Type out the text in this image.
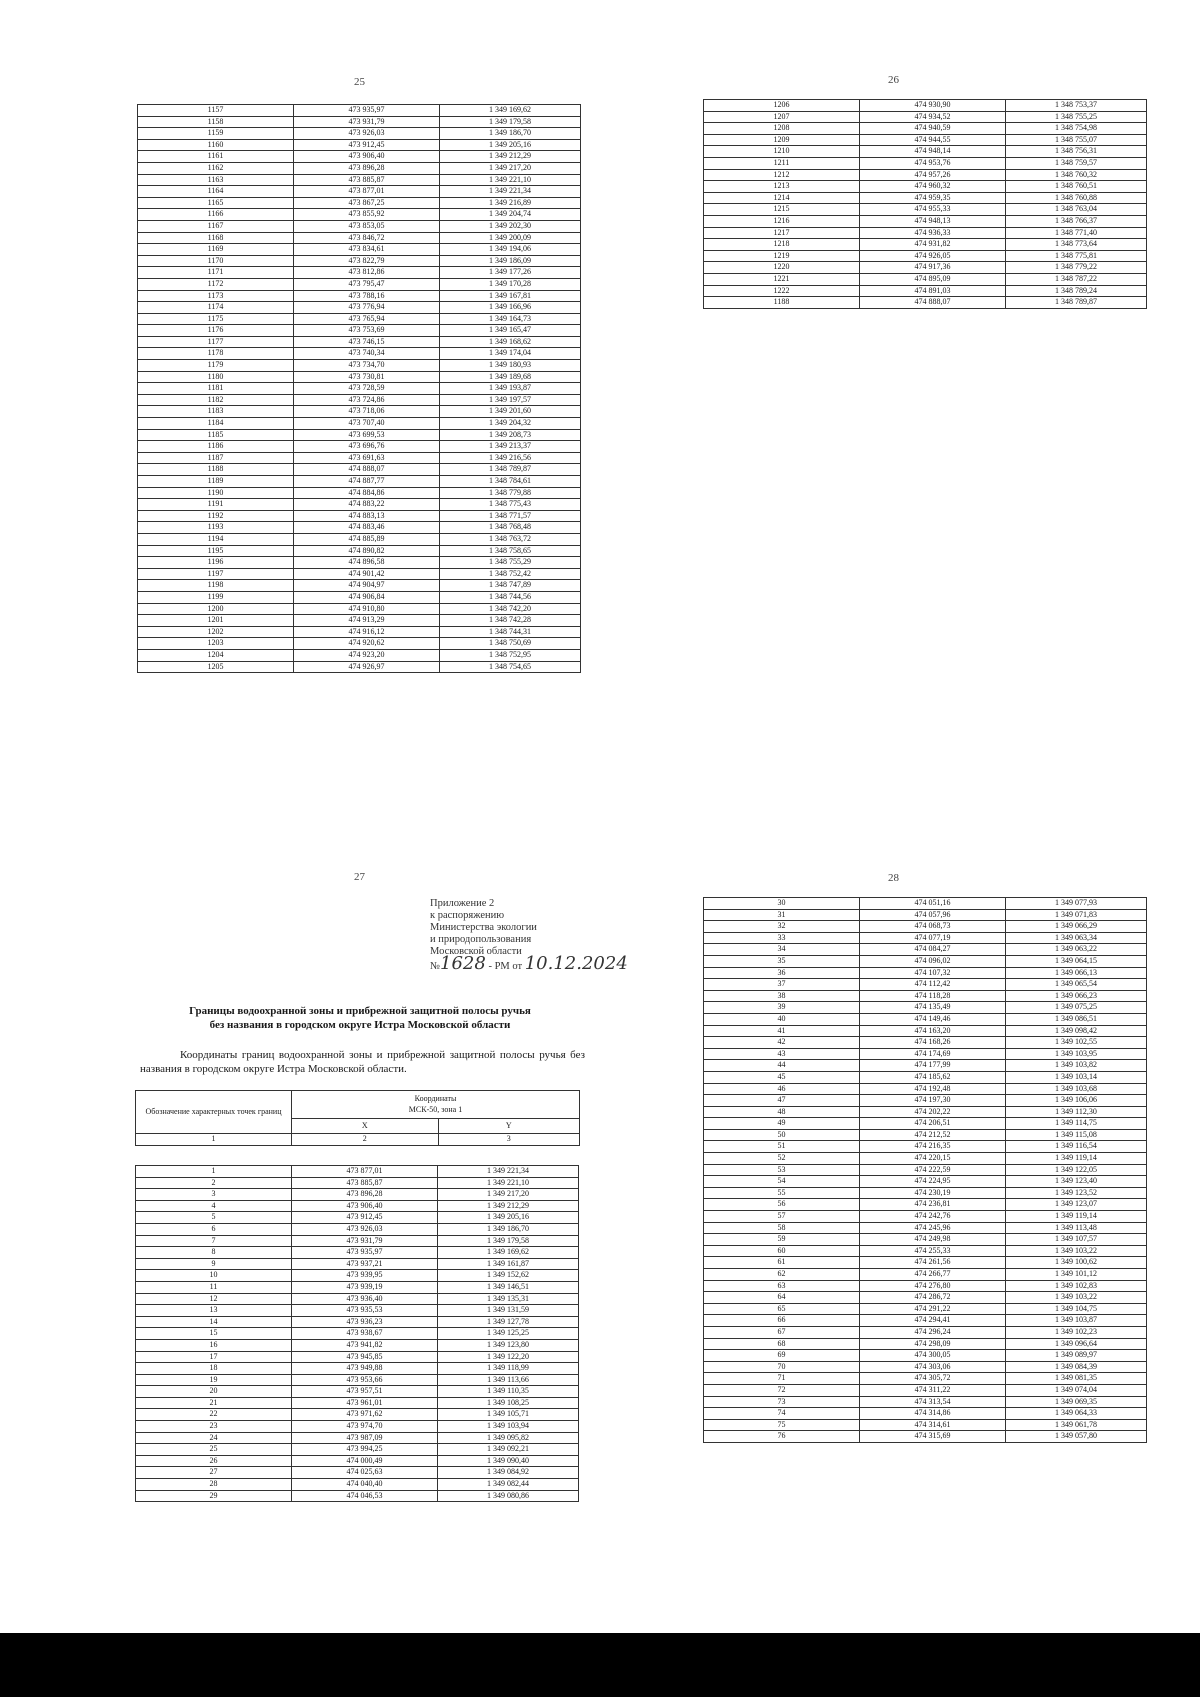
25
1157	473 935,97	1 349 169,62
1158	473 931,79	1 349 179,58
1159	473 926,03	1 349 186,70
1160	473 912,45	1 349 205,16
1161	473 906,40	1 349 212,29
1162	473 896,28	1 349 217,20
1163	473 885,87	1 349 221,10
1164	473 877,01	1 349 221,34
1165	473 867,25	1 349 216,89
1166	473 855,92	1 349 204,74
1167	473 853,05	1 349 202,30
1168	473 846,72	1 349 200,09
1169	473 834,61	1 349 194,06
1170	473 822,79	1 349 186,09
1171	473 812,86	1 349 177,26
1172	473 795,47	1 349 170,28
1173	473 788,16	1 349 167,81
1174	473 776,94	1 349 166,96
1175	473 765,94	1 349 164,73
1176	473 753,69	1 349 165,47
1177	473 746,15	1 349 168,62
1178	473 740,34	1 349 174,04
1179	473 734,70	1 349 180,93
1180	473 730,81	1 349 189,68
1181	473 728,59	1 349 193,87
1182	473 724,86	1 349 197,57
1183	473 718,06	1 349 201,60
1184	473 707,40	1 349 204,32
1185	473 699,53	1 349 208,73
1186	473 696,76	1 349 213,37
1187	473 691,63	1 349 216,56
1188	474 888,07	1 348 789,87
1189	474 887,77	1 348 784,61
1190	474 884,86	1 348 779,88
1191	474 883,22	1 348 775,43
1192	474 883,13	1 348 771,57
1193	474 883,46	1 348 768,48
1194	474 885,89	1 348 763,72
1195	474 890,82	1 348 758,65
1196	474 896,58	1 348 755,29
1197	474 901,42	1 348 752,42
1198	474 904,97	1 348 747,89
1199	474 906,84	1 348 744,56
1200	474 910,80	1 348 742,20
1201	474 913,29	1 348 742,28
1202	474 916,12	1 348 744,31
1203	474 920,62	1 348 750,69
1204	474 923,20	1 348 752,95
1205	474 926,97	1 348 754,65
26
1206	474 930,90	1 348 753,37
1207	474 934,52	1 348 755,25
1208	474 940,59	1 348 754,98
1209	474 944,55	1 348 755,07
1210	474 948,14	1 348 756,31
1211	474 953,76	1 348 759,57
1212	474 957,26	1 348 760,32
1213	474 960,32	1 348 760,51
1214	474 959,35	1 348 760,88
1215	474 955,33	1 348 763,04
1216	474 948,13	1 348 766,37
1217	474 936,33	1 348 771,40
1218	474 931,82	1 348 773,64
1219	474 926,05	1 348 775,81
1220	474 917,36	1 348 779,22
1221	474 895,09	1 348 787,22
1222	474 891,03	1 348 789,24
1188	474 888,07	1 348 789,87
27
Приложение 2
к распоряжению
Министерства экологии
и природопользования
Московской области
№1628 - РМ от 10.12.2024
Границы водоохранной зоны и прибрежной защитной полосы ручья
без названия в городском округе Истра Московской области
Координаты границ водоохранной зоны и прибрежной защитной полосы ручья без названия в городском округе Истра Московской области.
Обозначение характерных точек границ	Координаты
МСК-50, зона 1	

	X	Y
1	2	3
1	473 877,01	1 349 221,34
2	473 885,87	1 349 221,10
3	473 896,28	1 349 217,20
4	473 906,40	1 349 212,29
5	473 912,45	1 349 205,16
6	473 926,03	1 349 186,70
7	473 931,79	1 349 179,58
8	473 935,97	1 349 169,62
9	473 937,21	1 349 161,87
10	473 939,95	1 349 152,62
11	473 939,19	1 349 146,51
12	473 936,40	1 349 135,31
13	473 935,53	1 349 131,59
14	473 936,23	1 349 127,78
15	473 938,67	1 349 125,25
16	473 941,82	1 349 123,80
17	473 945,85	1 349 122,20
18	473 949,88	1 349 118,99
19	473 953,66	1 349 113,66
20	473 957,51	1 349 110,35
21	473 961,01	1 349 108,25
22	473 971,62	1 349 105,71
23	473 974,70	1 349 103,94
24	473 987,09	1 349 095,82
25	473 994,25	1 349 092,21
26	474 000,49	1 349 090,40
27	474 025,63	1 349 084,92
28	474 040,40	1 349 082,44
29	474 046,53	1 349 080,86
28
30	474 051,16	1 349 077,93
31	474 057,96	1 349 071,83
32	474 068,73	1 349 066,29
33	474 077,19	1 349 063,34
34	474 084,27	1 349 063,22
35	474 096,02	1 349 064,15
36	474 107,32	1 349 066,13
37	474 112,42	1 349 065,54
38	474 118,28	1 349 066,23
39	474 135,49	1 349 075,25
40	474 149,46	1 349 086,51
41	474 163,20	1 349 098,42
42	474 168,26	1 349 102,55
43	474 174,69	1 349 103,95
44	474 177,99	1 349 103,82
45	474 185,62	1 349 103,14
46	474 192,48	1 349 103,68
47	474 197,30	1 349 106,06
48	474 202,22	1 349 112,30
49	474 206,51	1 349 114,75
50	474 212,52	1 349 115,08
51	474 216,35	1 349 116,54
52	474 220,15	1 349 119,14
53	474 222,59	1 349 122,05
54	474 224,95	1 349 123,40
55	474 230,19	1 349 123,52
56	474 236,81	1 349 123,07
57	474 242,76	1 349 119,14
58	474 245,96	1 349 113,48
59	474 249,98	1 349 107,57
60	474 255,33	1 349 103,22
61	474 261,56	1 349 100,62
62	474 266,77	1 349 101,12
63	474 276,80	1 349 102,83
64	474 286,72	1 349 103,22
65	474 291,22	1 349 104,75
66	474 294,41	1 349 103,87
67	474 296,24	1 349 102,23
68	474 298,09	1 349 096,64
69	474 300,05	1 349 089,97
70	474 303,06	1 349 084,39
71	474 305,72	1 349 081,35
72	474 311,22	1 349 074,04
73	474 313,54	1 349 069,35
74	474 314,86	1 349 064,33
75	474 314,61	1 349 061,78
76	474 315,69	1 349 057,80
